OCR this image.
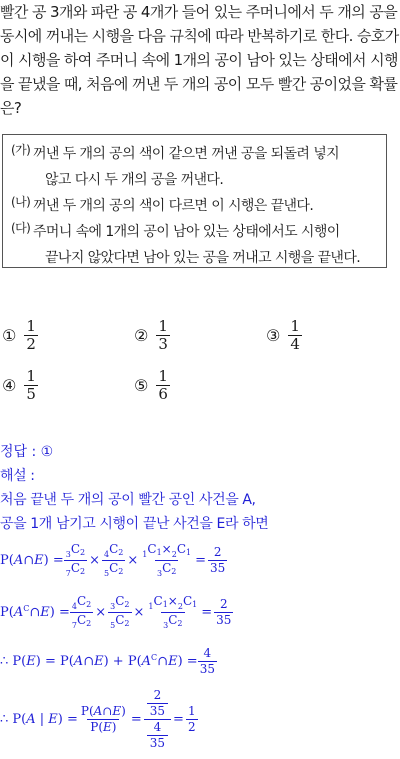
빨간 공 3개와 파란 공 4개가 들어 있는 주머니에서 두 개의 공을 동시에 꺼내는 시행을 다음 규칙에 따라 반복하기로 한다. 승호가 이 시행을 하여 주머니 속에 1개의 공이 남아 있는 상태에서 시행을 끝냈을 때, 처음에 꺼낸 두 개의 공이 모두 빨간 공이었을 확률은?
(가) 꺼낸 두 개의 공의 색이 같으면 꺼낸 공을 되돌려 넣지
않고 다시 두 개의 공을 꺼낸다.
(나) 꺼낸 두 개의 공의 색이 다르면 이 시행은 끝낸다.
(다) 주머니 속에 1개의 공이 남아 있는 상태에서도 시행이
끝나지 않았다면 남아 있는 공을 꺼내고 시행을 끝낸다.
① $\frac{1}{2}$	② $\frac{1}{3}$	③ $\frac{1}{4}$
④ $\frac{1}{5}$	⑤ $\frac{1}{6}$
정답 : ①
해설 :
처음 끝낸 두 개의 공이 빨간 공인 사건을 A,
공을 1개 남기고 시행이 끝난 사건을 E라 하면
P(A∩E) = $\frac{_3C_2}{_7C_2} \times \frac{_4C_2}{_5C_2} \times \frac{_1C_1\times_2C_1}{_3C_2} = \frac{2}{35}$
$P(A^C\cap E) = \frac{_4C_2}{_7C_2} \times \frac{_3C_2}{_5C_2} \times \frac{_1C_1\times_2C_1}{_3C_2} = \frac{2}{35}$
∴ P(E) = P(A∩E) + $P(A^C\cap E) = \frac{4}{35}$
∴ P(A | $E) = \frac{P(A\cap E)}{P(E)} = \frac{\frac{2}{35}}{\frac{4}{35}} = \frac{1}{2}$
